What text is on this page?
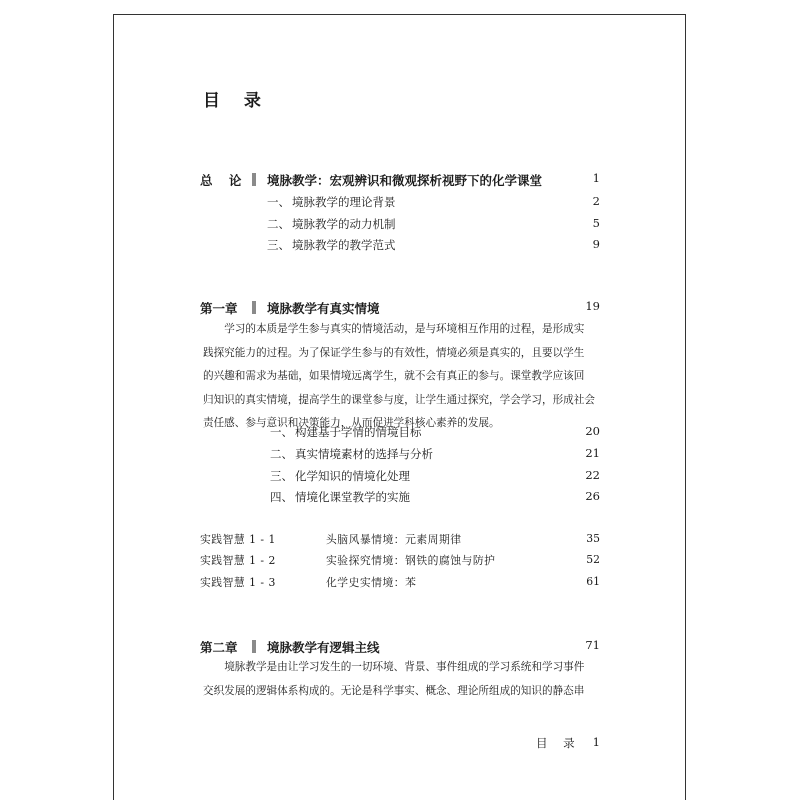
目 录
总 论 境脉教学：宏观辨识和微观探析视野下的化学课堂	1
一、 境脉教学的理论背景	2
二、 境脉教学的动力机制	5
三、 境脉教学的教学范式	9
第一章 境脉教学有真实情境	19
学习的本质是学生参与真实的情境活动，是与环境相互作用的过程，是形成实
践探究能力的过程。为了保证学生参与的有效性，情境必须是真实的，且要以学生
的兴趣和需求为基础，如果情境远离学生，就不会有真正的参与。课堂教学应该回
归知识的真实情境，提高学生的课堂参与度，让学生通过探究，学会学习，形成社会
责任感、参与意识和决策能力，从而促进学科核心素养的发展。
一、 构建基于学情的情境目标	20
二、 真实情境素材的选择与分析	21
三、 化学知识的情境化处理	22
四、 情境化课堂教学的实施	26
实践智慧 1 - 1	头脑风暴情境：元素周期律	35
实践智慧 1 - 2	实验探究情境：钢铁的腐蚀与防护	52
实践智慧 1 - 3	化学史实情境：苯	61
第二章 境脉教学有逻辑主线	71
境脉教学是由让学习发生的一切环境、背景、事件组成的学习系统和学习事件
交织发展的逻辑体系构成的。无论是科学事实、概念、理论所组成的知识的静态串
目 录 1
